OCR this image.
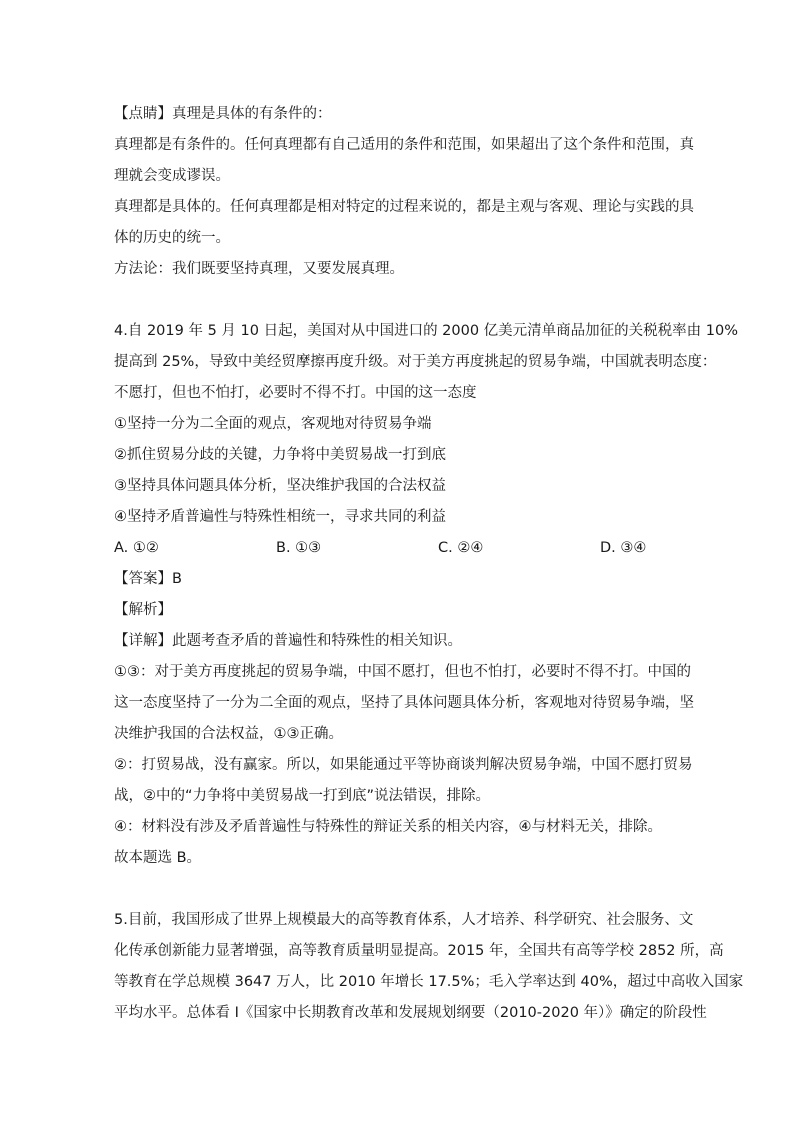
【点睛】真理是具体的有条件的：
真理都是有条件的。任何真理都有自己适用的条件和范围，如果超出了这个条件和范围，真
理就会变成谬误。
真理都是具体的。任何真理都是相对特定的过程来说的，都是主观与客观、理论与实践的具
体的历史的统一。
方法论：我们既要坚持真理，又要发展真理。
4.自 2019 年 5 月 10 日起，美国对从中国进口的 2000 亿美元清单商品加征的关税税率由 10%
提高到 25%，导致中美经贸摩擦再度升级。对于美方再度挑起的贸易争端，中国就表明态度：
不愿打，但也不怕打，必要时不得不打。中国的这一态度
①坚持一分为二全面的观点，客观地对待贸易争端
②抓住贸易分歧的关键，力争将中美贸易战一打到底
③坚持具体问题具体分析，坚决维护我国的合法权益
④坚持矛盾普遍性与特殊性相统一，寻求共同的利益
A. ①②	B. ①③	C. ②④	D. ③④
【答案】B
【解析】
【详解】此题考查矛盾的普遍性和特殊性的相关知识。
①③：对于美方再度挑起的贸易争端，中国不愿打，但也不怕打，必要时不得不打。中国的
这一态度坚持了一分为二全面的观点，坚持了具体问题具体分析，客观地对待贸易争端，坚
决维护我国的合法权益，①③正确。
②：打贸易战，没有赢家。所以，如果能通过平等协商谈判解决贸易争端，中国不愿打贸易
战，②中的“力争将中美贸易战一打到底”说法错误，排除。
④：材料没有涉及矛盾普遍性与特殊性的辩证关系的相关内容，④与材料无关，排除。
故本题选 B。
5.目前，我国形成了世界上规模最大的高等教育体系，人才培养、科学研究、社会服务、文
化传承创新能力显著增强，高等教育质量明显提高。2015 年，全国共有高等学校 2852 所，高
等教育在学总规模 3647 万人，比 2010 年增长 17.5%；毛入学率达到 40%，超过中高收入国家
平均水平。总体看 I《国家中长期教育改革和发展规划纲要（2010-2020 年）》确定的阶段性
